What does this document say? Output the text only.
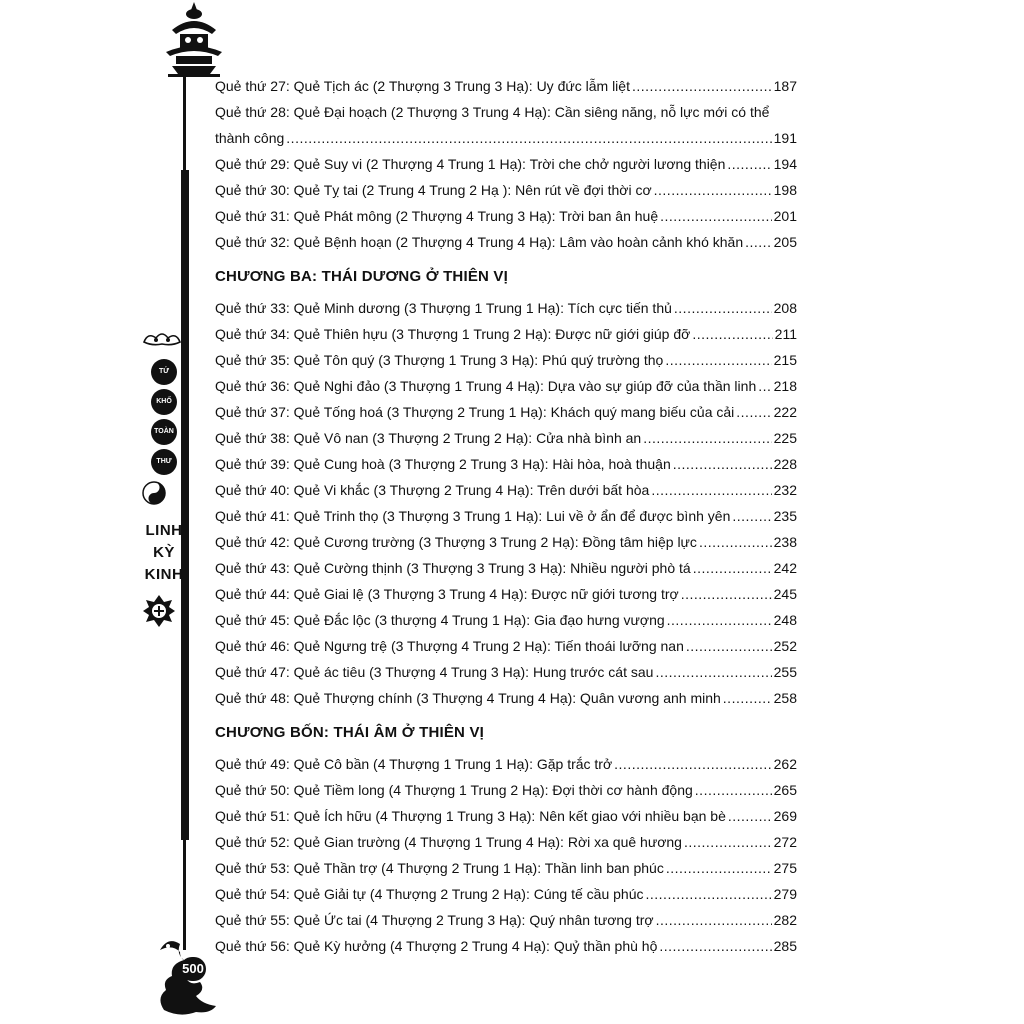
TỨ
KHỐ
TOÀN
THƯ
LINH
KỲ
KINH
Quẻ thứ 27: Quẻ Tịch ác (2 Thượng 3 Trung 3 Hạ): Uy đức lẫm liệt .....	187
Quẻ thứ 28: Quẻ Đại hoạch (2 Thượng 3 Trung 4 Hạ): Cần siêng năng, nỗ lực mới có thể
thành công .....	191
Quẻ thứ 29: Quẻ Suy vi (2 Thượng 4 Trung 1 Hạ): Trời che chở người lương thiện .....	194
Quẻ thứ 30: Quẻ Tỵ tai (2 Trung 4 Trung 2 Hạ ): Nên rút về đợi thời cơ .....	198
Quẻ thứ 31: Quẻ Phát mông (2 Thượng 4 Trung 3 Hạ): Trời ban ân huệ .....	201
Quẻ thứ 32: Quẻ Bệnh hoạn (2 Thượng 4 Trung 4 Hạ): Lâm vào hoàn cảnh khó khăn ..... 205
CHƯƠNG BA: THÁI DƯƠNG Ở THIÊN VỊ
Quẻ thứ 33: Quẻ Minh dương (3 Thượng 1 Trung 1 Hạ): Tích cực tiến thủ .....	208
Quẻ thứ 34: Quẻ Thiên hựu (3 Thượng 1 Trung 2 Hạ): Được nữ giới giúp đỡ .....	211
Quẻ thứ 35: Quẻ Tôn quý (3 Thượng 1 Trung 3 Hạ): Phú quý trường thọ .....	215
Quẻ thứ 36: Quẻ Nghi đảo (3 Thượng 1 Trung 4 Hạ): Dựa vào sự giúp đỡ của thần linh ..... 218
Quẻ thứ 37: Quẻ Tống hoá (3 Thượng 2 Trung 1 Hạ): Khách quý mang biếu của cải .....	222
Quẻ thứ 38: Quẻ Vô nan (3 Thượng 2 Trung 2 Hạ): Cửa nhà bình an .....	225
Quẻ thứ 39: Quẻ Cung hoà (3 Thượng 2 Trung 3 Hạ): Hài hòa, hoà thuận .....	228
Quẻ thứ 40: Quẻ Vi khắc (3 Thượng 2 Trung 4 Hạ): Trên dưới bất hòa .....	232
Quẻ thứ 41: Quẻ Trinh thọ (3 Thượng 3 Trung 1 Hạ): Lui về ở ẩn để được bình yên .....	235
Quẻ thứ 42: Quẻ Cương trường (3 Thượng 3 Trung 2 Hạ): Đồng tâm hiệp lực .....	238
Quẻ thứ 43: Quẻ Cường thịnh (3 Thượng 3 Trung 3 Hạ): Nhiều người phò tá .....	242
Quẻ thứ 44: Quẻ Giai lệ (3 Thượng 3 Trung 4 Hạ): Được nữ giới tương trợ .....	245
Quẻ thứ 45: Quẻ Đắc lộc (3 thượng 4 Trung 1 Hạ): Gia đạo hưng vượng .....	248
Quẻ thứ 46: Quẻ Ngưng trệ (3 Thượng 4 Trung 2 Hạ): Tiến thoái lưỡng nan .....	252
Quẻ thứ 47: Quẻ ác tiêu (3 Thượng 4 Trung 3 Hạ): Hung trước cát sau .....	255
Quẻ thứ 48: Quẻ Thượng chính (3 Thượng 4 Trung 4 Hạ): Quân vương anh minh .....	258
CHƯƠNG BỐN: THÁI ÂM Ở THIÊN VỊ
Quẻ thứ 49: Quẻ Cô bần (4 Thượng 1 Trung 1 Hạ): Gặp trắc trở .....	262
Quẻ thứ 50: Quẻ Tiềm long (4 Thượng 1 Trung 2 Hạ): Đợi thời cơ hành động .....	265
Quẻ thứ 51: Quẻ Ích hữu (4 Thượng 1 Trung 3 Hạ): Nên kết giao với nhiều bạn bè .....	269
Quẻ thứ 52: Quẻ Gian trường (4 Thượng 1 Trung 4 Hạ): Rời xa quê hương .....	272
Quẻ thứ 53: Quẻ Thần trợ (4 Thượng 2 Trung 1 Hạ): Thần linh ban phúc .....	275
Quẻ thứ 54: Quẻ Giải tự (4 Thượng 2 Trung 2 Hạ): Cúng tế cầu phúc .....	279
Quẻ thứ 55: Quẻ Ức tai (4 Thượng 2 Trung 3 Hạ): Quý nhân tương trợ .....	282
Quẻ thứ 56: Quẻ Kỳ hưởng (4 Thượng 2 Trung 4 Hạ): Quỷ thần phù hộ .....	285
500
